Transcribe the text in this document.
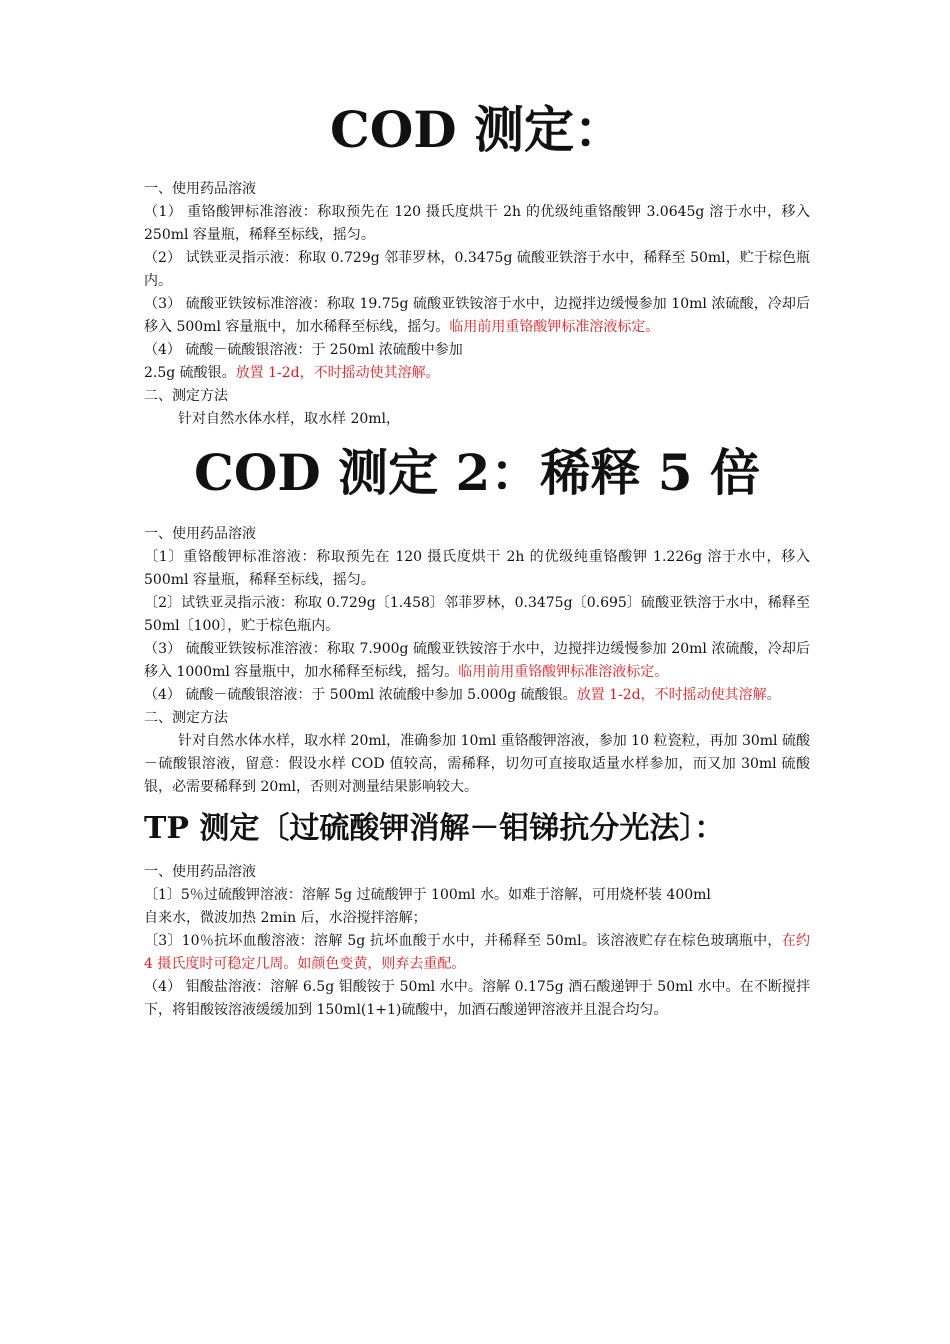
COD 测定：

一、使用药品溶液

（1） 重铬酸钾标准溶液：称取预先在 120 摄氏度烘干 2h 的优级纯重铬酸钾 3.0645g 溶于水中，移入 250ml 容量瓶，稀释至标线，摇匀。

（2） 试铁亚灵指示液：称取 0.729g 邻菲罗林，0.3475g 硫酸亚铁溶于水中，稀释至 50ml，贮于棕色瓶内。

（3） 硫酸亚铁铵标准溶液：称取 19.75g 硫酸亚铁铵溶于水中，边搅拌边缓慢参加 10ml 浓硫酸，冷却后移入 500ml 容量瓶中，加水稀释至标线，摇匀。临用前用重铬酸钾标准溶液标定。

（4） 硫酸－硫酸银溶液：于 250ml 浓硫酸中参加

2.5g 硫酸银。放置 1-2d，不时摇动使其溶解。

二、测定方法

针对自然水体水样，取水样 20ml，

COD 测定 2：稀释 5 倍

一、使用药品溶液

〔1〕重铬酸钾标准溶液：称取预先在 120 摄氏度烘干 2h 的优级纯重铬酸钾 1.226g 溶于水中，移入 500ml 容量瓶，稀释至标线，摇匀。

〔2〕试铁亚灵指示液：称取 0.729g〔1.458〕邻菲罗林，0.3475g〔0.695〕硫酸亚铁溶于水中，稀释至 50ml〔100〕，贮于棕色瓶内。

（3） 硫酸亚铁铵标准溶液：称取 7.900g 硫酸亚铁铵溶于水中，边搅拌边缓慢参加 20ml 浓硫酸，冷却后移入 1000ml 容量瓶中，加水稀释至标线，摇匀。临用前用重铬酸钾标准溶液标定。

（4） 硫酸－硫酸银溶液：于 500ml 浓硫酸中参加 5.000g 硫酸银。放置 1-2d，不时摇动使其溶解。

二、测定方法

针对自然水体水样，取水样 20ml，准确参加 10ml 重铬酸钾溶液，参加 10 粒瓷粒，再加 30ml 硫酸－硫酸银溶液，留意：假设水样 COD 值较高，需稀释，切勿可直接取适量水样参加，而又加 30ml 硫酸银，必需要稀释到 20ml，否则对测量结果影响较大。

TP 测定〔过硫酸钾消解－钼锑抗分光法〕：

一、使用药品溶液

〔1〕5％过硫酸钾溶液：溶解 5g 过硫酸钾于 100ml 水。如难于溶解，可用烧杯装 400ml

自来水，微波加热 2min 后，水浴搅拌溶解；

〔3〕10％抗坏血酸溶液：溶解 5g 抗坏血酸于水中，并稀释至 50ml。该溶液贮存在棕色玻璃瓶中，在约 4 摄氏度时可稳定几周。如颜色变黄，则弃去重配。

（4） 钼酸盐溶液：溶解 6.5g 钼酸铵于 50ml 水中。溶解 0.175g 酒石酸递钾于 50ml 水中。在不断搅拌下，将钼酸铵溶液缓缓加到 150ml(1+1)硫酸中，加酒石酸递钾溶液并且混合均匀。
